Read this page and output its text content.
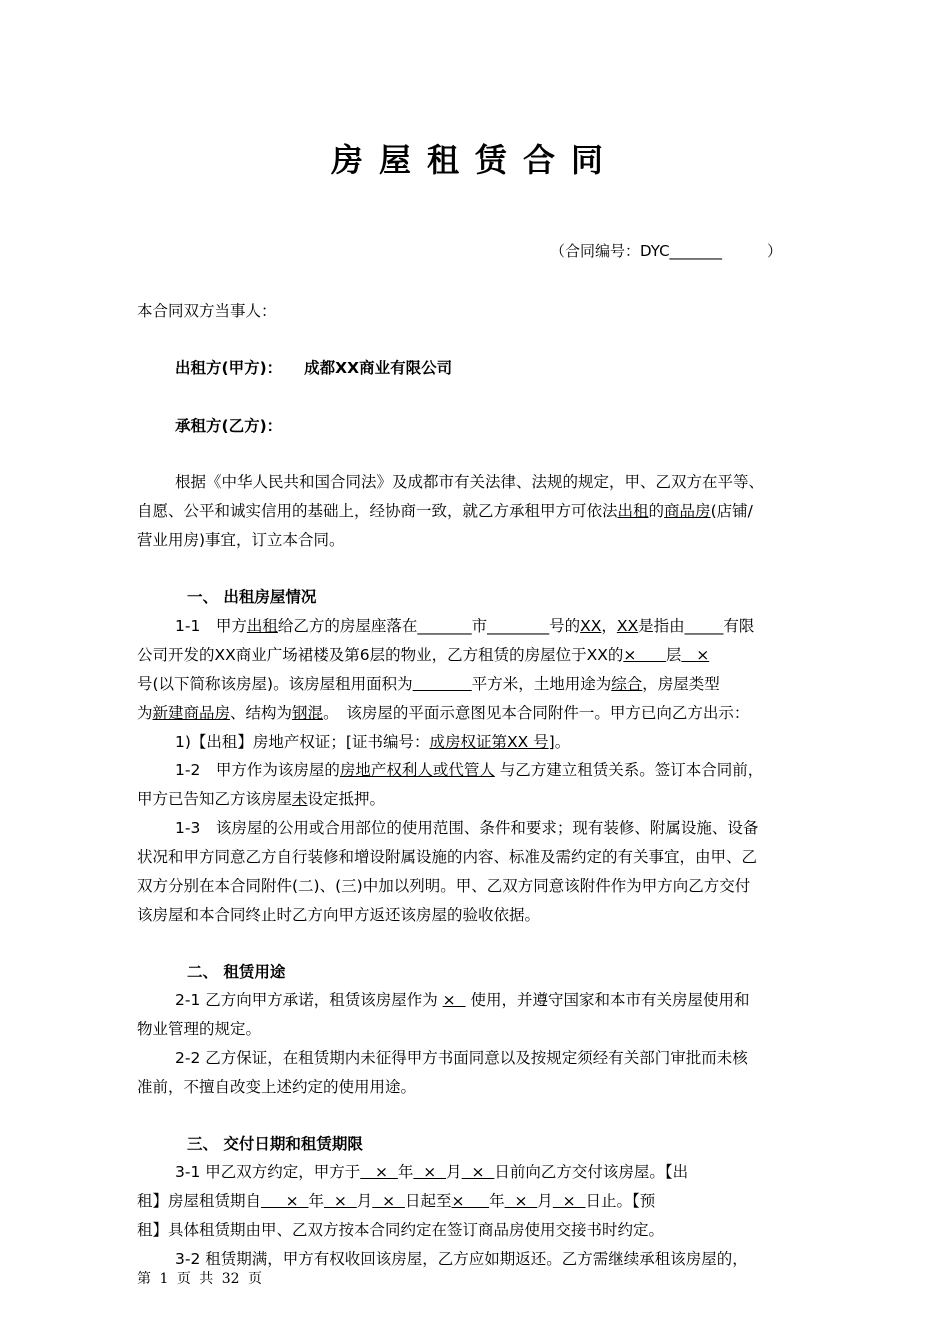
房屋租赁合同
（合同编号：DYC_______　　　）
本合同双方当事人：
出租方(甲方)： 成都XX商业有限公司
承租方(乙方)：
根据《中华人民共和国合同法》及成都市有关法律、法规的规定，甲、乙双方在平等、
自愿、公平和诚实信用的基础上，经协商一致，就乙方承租甲方可依法出租的商品房(店铺/
营业用房)事宜，订立本合同。
一、 出租房屋情况
1-1　甲方出租给乙方的房屋座落在_______市________号的XX，XX是指由_____有限
公司开发的XX商业广场裙楼及第6层的物业，乙方租赁的房屋位于XX的×      层   ×
号(以下简称该房屋)。该房屋租用面积为	平方米，土地用途为综合，房屋类型
为新建商品房、结构为钢混。　该房屋的平面示意图见本合同附件一。甲方已向乙方出示：
1)【出租】房地产权证；[证书编号：成房权证第XX 号]。
1-2　甲方作为该房屋的房地产权利人或代管人 与乙方建立租赁关系。签订本合同前，
甲方已告知乙方该房屋未设定抵押。
1-3　该房屋的公用或合用部位的使用范围、条件和要求；现有装修、附属设施、设备
状况和甲方同意乙方自行装修和增设附属设施的内容、标准及需约定的有关事宜，由甲、乙
双方分别在本合同附件(二)、(三)中加以列明。甲、乙双方同意该附件作为甲方向乙方交付
该房屋和本合同终止时乙方向甲方返还该房屋的验收依据。
二、 租赁用途
2-1 乙方向甲方承诺，租赁该房屋作为 ×   使用，并遵守国家和本市有关房屋使用和
物业管理的规定。
2-2 乙方保证，在租赁期内未征得甲方书面同意以及按规定须经有关部门审批而未核
准前，不擅自改变上述约定的使用用途。
三、 交付日期和租赁期限
3-1 甲乙双方约定，甲方于   ×  年  ×  月  ×  日前向乙方交付该房屋。【出
租】房屋租赁期自     ×  年  ×  月  ×  日起至×     年  ×  月  ×  日止。【预
租】具体租赁期由甲、乙双方按本合同约定在签订商品房使用交接书时约定。
3-2 租赁期满，甲方有权收回该房屋，乙方应如期返还。乙方需继续承租该房屋的，
第 1 页 共 32 页
